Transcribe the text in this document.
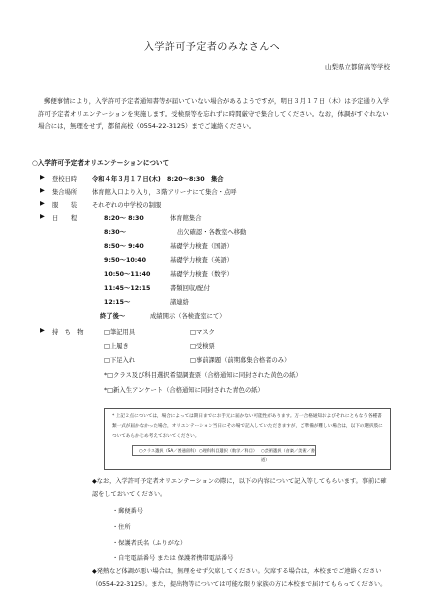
入学許可予定者のみなさんへ
山梨県立都留高等学校
郵便事情により，入学許可予定者通知書等が届いていない場合があるようですが，明日３月１７日（木）は予定通り入学許可予定者オリエンテーションを実施します。受検票等を忘れずに時間厳守で集合してください。なお，体調がすぐれない場合には，無理をせず，都留高校（0554-22-3125）までご連絡ください。
○入学許可予定者オリエンテーションについて
▶ 登校日時 令和４年３月１７日(木)　8:20～8:30　集合
▶ 集合場所 体育館入口より入り，３階アリーナにて集合・点呼
▶ 服　　装 それぞれの中学校の制服
▶ 日　　程	8:20～ 8:30	体育館集合
8:30～	出欠確認・各教室へ移動
8:50～ 9:40	基礎学力検査（国語）
9:50～10:40	基礎学力検査（英語）
10:50～11:40	基礎学力検査（数学）
11:45～12:15	書類回収/配付
12:15～	諸連絡
終了後～	成績開示（各検査室にて）
▶ 持　ち　物	□筆記用具	□マスク
□上履き	□受検票
□下足入れ	□事前課題（前期募集合格者のみ）
*□クラス及び科目選択希望調査票（合格通知に同封された黄色の紙）
*□新入生アンケート（合格通知に同封された青色の紙）
* 上記２点については，場合によっては期日までにお手元に届かない可能性があります。万一合格通知およびそれにともなう各種書類一式が届かなかった場合，オリエンテーション当日にその場で記入していただきますが，ご準備が難しい場合は，以下の選択肢についてあらかじめ考えておいてください。
○クラス選択（SA／普通留科） ○理科科目選択（数学／科目） ○芸術選択（音楽／美術／書道）
◆なお，入学許可予定者オリエンテーションの際に，以下の内容について記入等してもらいます。事前に確認をしておいてください。
・郵便番号
・住所
・保護者氏名（ふりがな）
・自宅電話番号 または 保護者携帯電話番号
◆発熱など体調が悪い場合は，無理をせず欠席してください。欠席する場合は，本校までご連絡ください（0554-22-3125）。また，提出物等については可能な限り家族の方に本校まで届けてもらってください。
